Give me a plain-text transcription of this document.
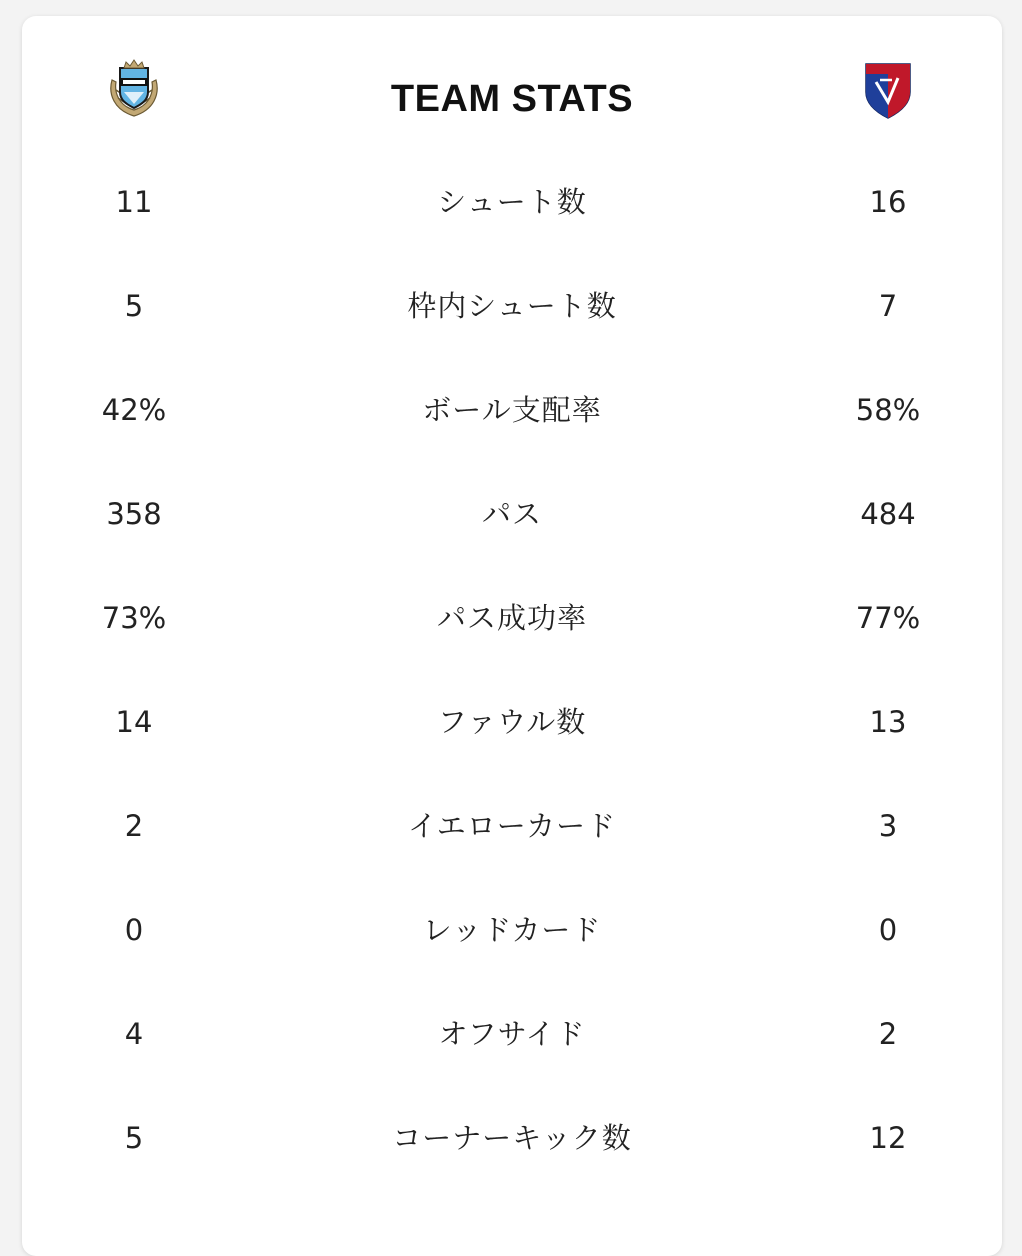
TEAM STATS
11	シュート数	16
5	枠内シュート数	7
42%	ボール支配率	58%
358	パス	484
73%	パス成功率	77%
14	ファウル数	13
2	イエローカード	3
0	レッドカード	0
4	オフサイド	2
5	コーナーキック数	12
